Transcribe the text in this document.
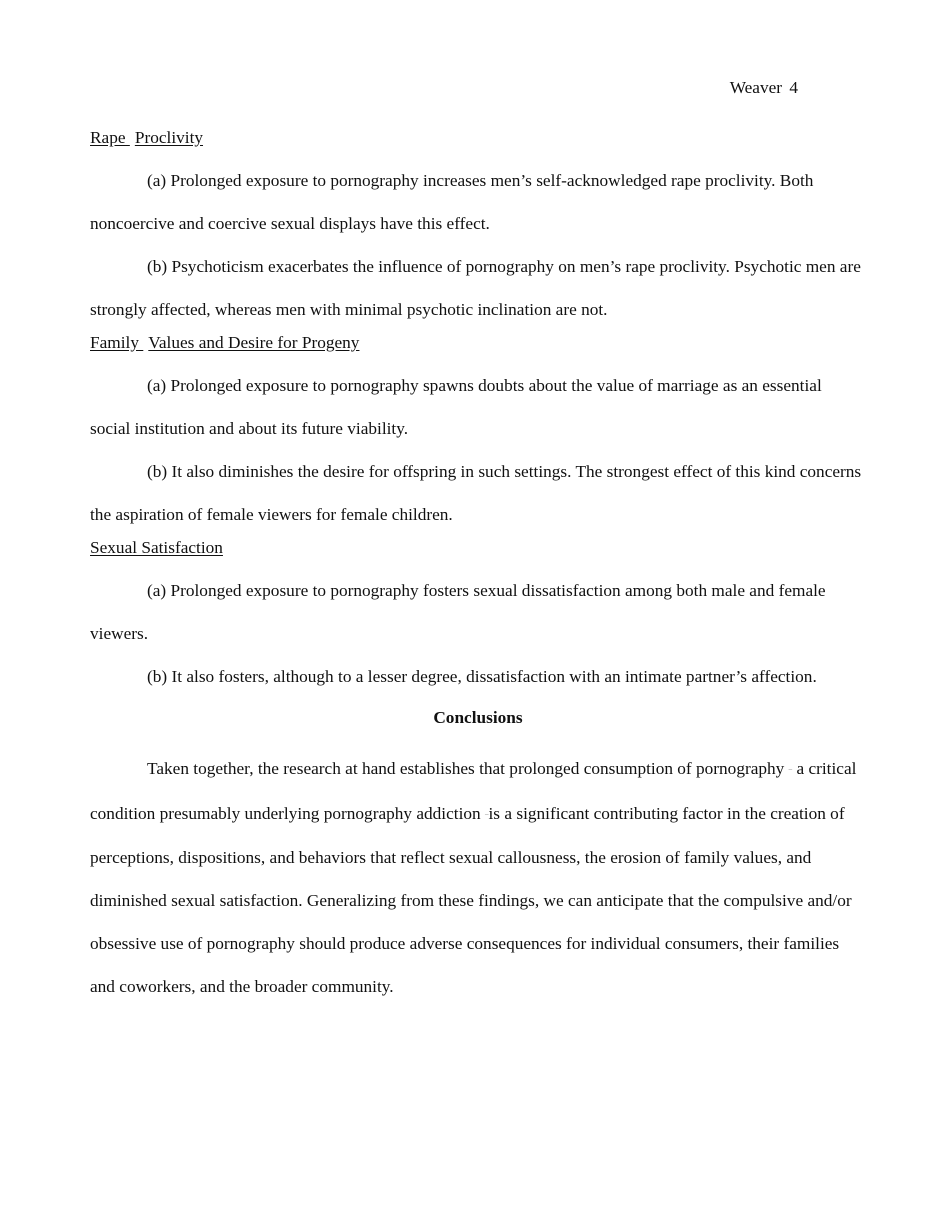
Weaver 4
Rape Proclivity

(a) Prolonged exposure to pornography increases men’s self-acknowledged rape proclivity. Both noncoercive and coercive sexual displays have this effect.

(b) Psychoticism exacerbates the influence of pornography on men’s rape proclivity. Psychotic men are strongly affected, whereas men with minimal psychotic inclination are not.

Family Values and Desire for Progeny

(a) Prolonged exposure to pornography spawns doubts about the value of marriage as an essential social institution and about its future viability.

(b) It also diminishes the desire for offspring in such settings. The strongest effect of this kind concerns the aspiration of female viewers for female children.

Sexual Satisfaction

(a) Prolonged exposure to pornography fosters sexual dissatisfaction among both male and female viewers.

(b) It also fosters, although to a lesser degree, dissatisfaction with an intimate partner’s affection.

Conclusions

Taken together, the research at hand establishes that prolonged consumption of pornography – a critical condition presumably underlying pornography addiction –is a significant contributing factor in the creation of perceptions, dispositions, and behaviors that reflect sexual callousness, the erosion of family values, and diminished sexual satisfaction. Generalizing from these findings, we can anticipate that the compulsive and/or obsessive use of pornography should produce adverse consequences for individual consumers, their families and coworkers, and the broader community.
